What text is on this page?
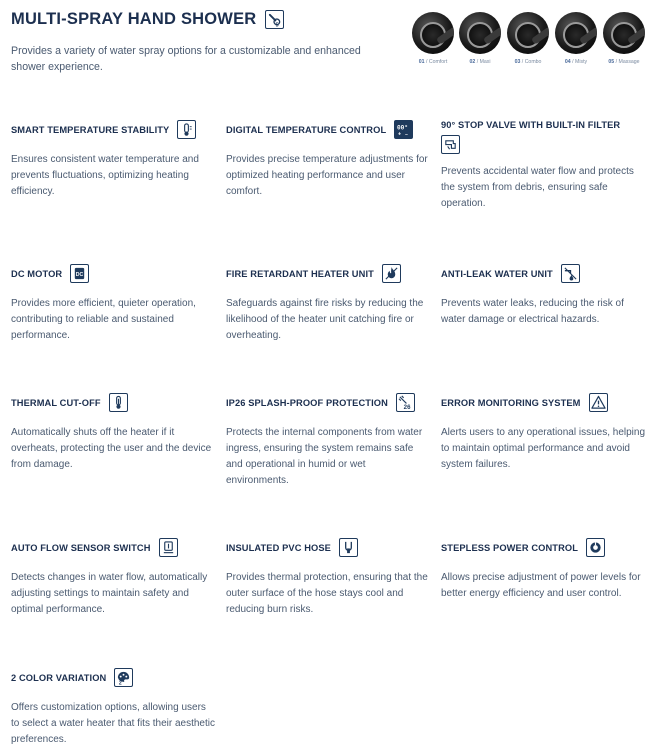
MULTI-SPRAY HAND SHOWER	5
Provides a variety of water spray options for a customizable and enhanced shower experience.	01 / Comfort	02 / Maxi	03 / Combo	04 / Misty	05 / Massage
SMART TEMPERATURE STABILITY
Ensures consistent water temperature and prevents fluctuations, optimizing heating efficiency.
DIGITAL TEMPERATURE CONTROL 00°
+ –
Provides precise temperature adjustments for optimized heating performance and user comfort.
90° STOP VALVE WITH BUILT-IN FILTER
Prevents accidental water flow and protects the system from debris, ensuring safe operation.
DC MOTOR	DC
Provides more efficient, quieter operation, contributing to reliable and sustained performance.
FIRE RETARDANT HEATER UNIT
Safeguards against fire risks by reducing the likelihood of the heater unit catching fire or overheating.
ANTI-LEAK WATER UNIT
Prevents water leaks, reducing the risk of water damage or electrical hazards.
THERMAL CUT-OFF
Automatically shuts off the heater if it overheats, protecting the user and the device from damage.
IP26 SPLASH-PROOF PROTECTION
26
Protects the internal components from water ingress, ensuring the system remains safe and operational in humid or wet environments.
ERROR MONITORING SYSTEM
Alerts users to any operational issues, helping to maintain optimal performance and avoid system failures.
AUTO FLOW SENSOR SWITCH
Detects changes in water flow, automatically adjusting settings to maintain safety and optimal performance.
INSULATED PVC HOSE
Provides thermal protection, ensuring that the outer surface of the hose stays cool and reducing burn risks.
STEPLESS POWER CONTROL
Allows precise adjustment of power levels for better energy efficiency and user control.
2 COLOR VARIATION
2
Offers customization options, allowing users to select a water heater that fits their aesthetic preferences.
